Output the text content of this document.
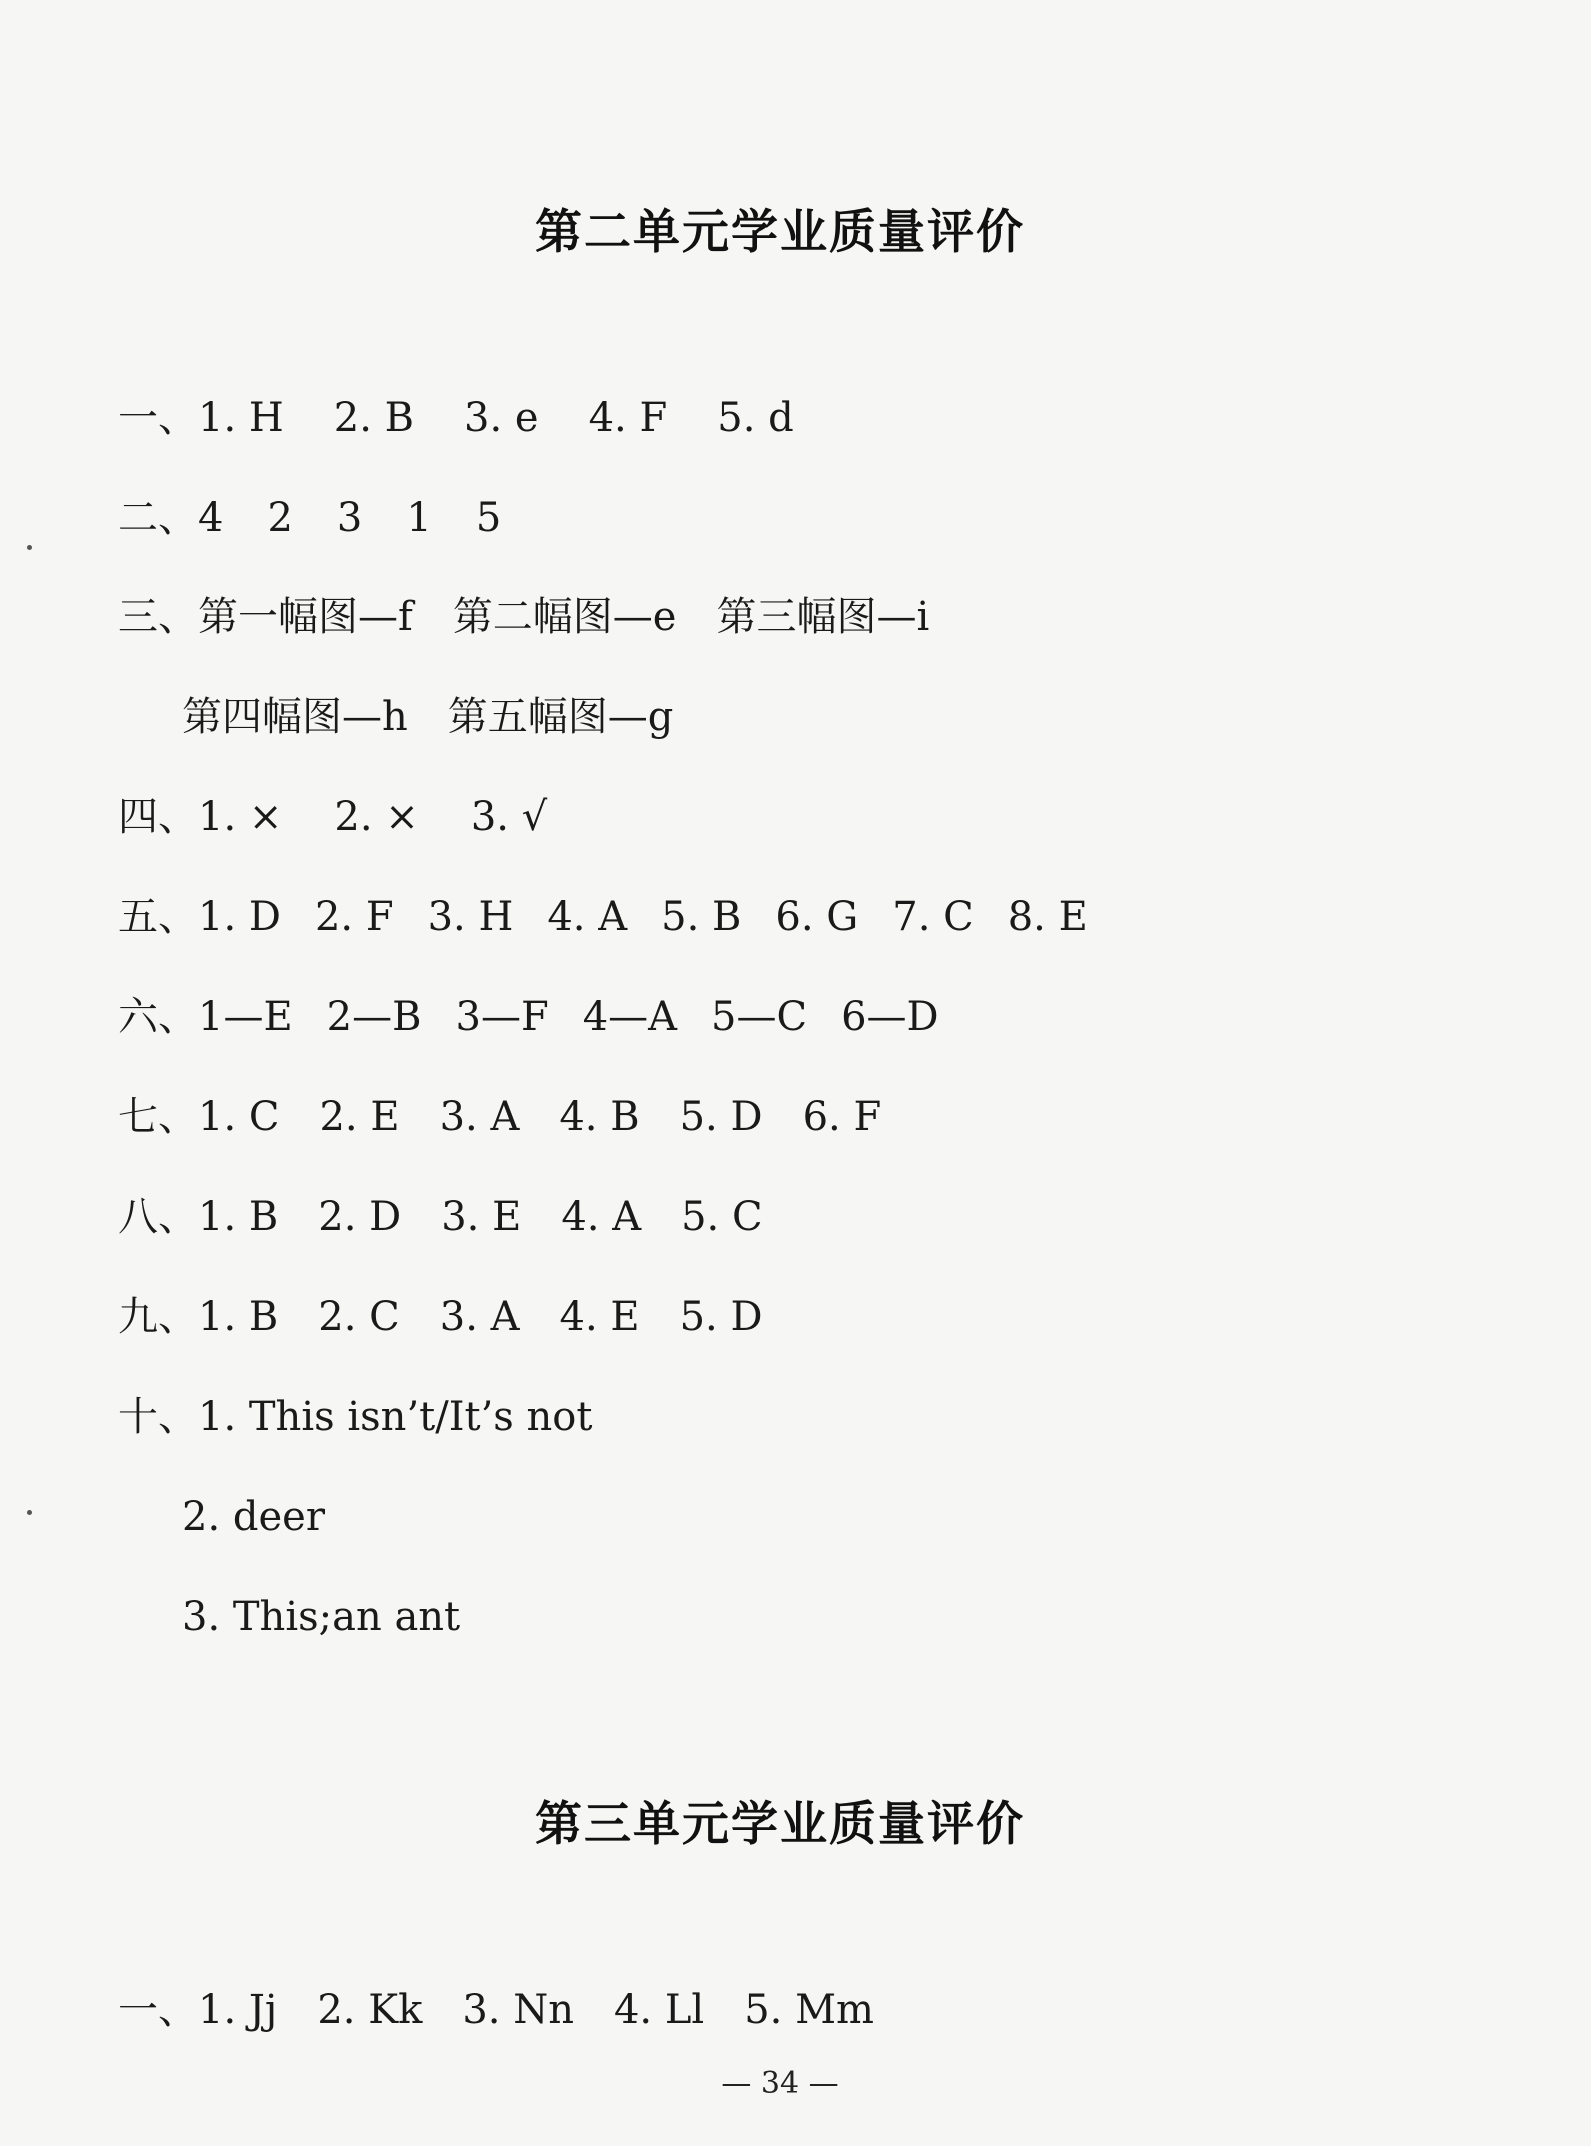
第二单元学业质量评价
一、1. H 2. B 3. e 4. F 5. d
二、4 2 3 1 5
三、第一幅图—f 第二幅图—e 第三幅图—i
第四幅图—h 第五幅图—g
四、1. × 2. × 3. √
五、1. D 2. F 3. H 4. A 5. B 6. G 7. C 8. E
六、1—E 2—B 3—F 4—A 5—C 6—D
七、1. C 2. E 3. A 4. B 5. D 6. F
八、1. B 2. D 3. E 4. A 5. C
九、1. B 2. C 3. A 4. E 5. D
十、1. This isn’t/It’s not
2. deer
3. This;an ant
第三单元学业质量评价
一、1. Jj 2. Kk 3. Nn 4. Ll 5. Mm
— 34 —
